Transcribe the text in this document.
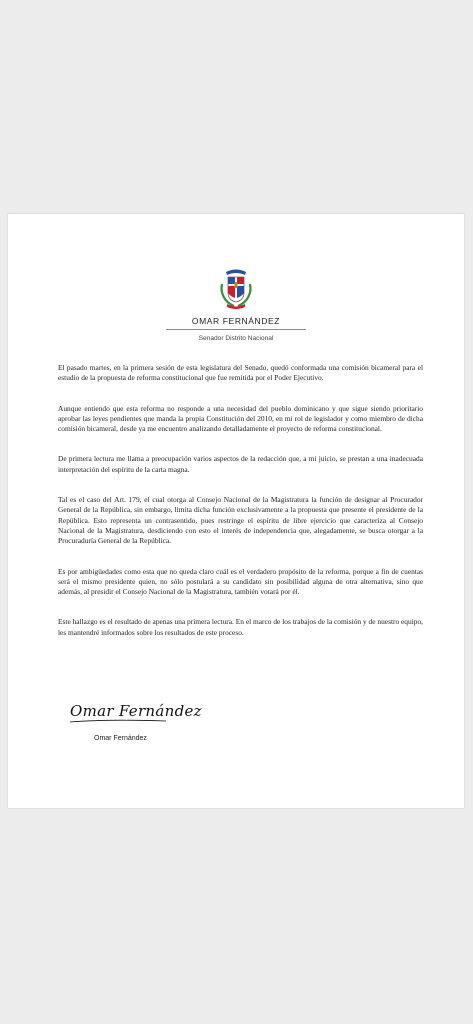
OMAR FERNÁNDEZ
Senador Distrito Nacional

El pasado martes, en la primera sesión de esta legislatura del Senado, quedó conformada una comisión bicameral para el estudio de la propuesta de reforma constitucional que fue remitida por el Poder Ejecutivo.

Aunque entiendo que esta reforma no responde a una necesidad del pueblo dominicano y que sigue siendo prioritario aprobar las leyes pendientes que manda la propia Constitución del 2010, en mi rol de legislador y como miembro de dicha comisión bicameral, desde ya me encuentro analizando detalladamente el proyecto de reforma constitucional.

De primera lectura me llama a preocupación varios aspectos de la redacción que, a mi juicio, se prestan a una inadecuada interpretación del espíritu de la carta magna.

Tal es el caso del Art. 179, el cual otorga al Consejo Nacional de la Magistratura la función de designar al Procurador General de la República, sin embargo, limita dicha función exclusivamente a la propuesta que presente el presidente de la República. Esto representa un contrasentido, pues restringe el espíritu de libre ejercicio que caracteriza al Consejo Nacional de la Magistratura, desdiciendo con esto el interés de independencia que, alegadamente, se busca otorgar a la Procuraduría General de la República.

Es por ambigüedades como esta que no queda claro cuál es el verdadero propósito de la reforma, porque a fin de cuentas será el mismo presidente quien, no sólo postulará a su candidato sin posibilidad alguna de otra alternativa, sino que además, al presidir el Consejo Nacional de la Magistratura, también votará por él.

Este hallazgo es el resultado de apenas una primera lectura. En el marco de los trabajos de la comisión y de nuestro equipo, les mantendré informados sobre los resultados de este proceso.

Omar Fernández
Omar Fernández
